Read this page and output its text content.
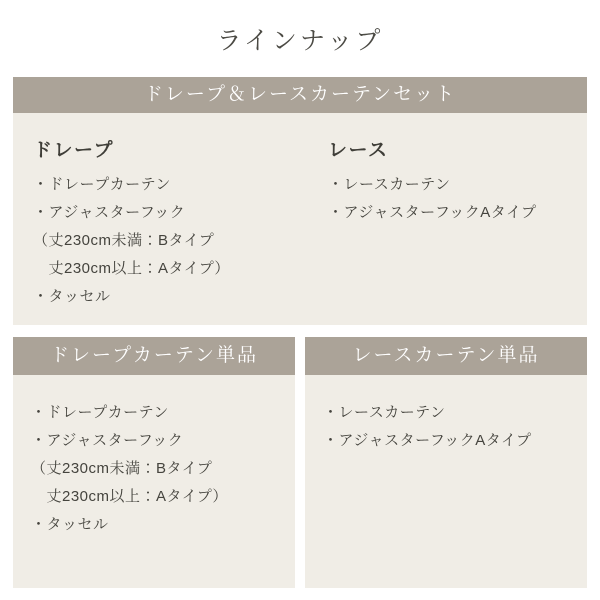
ラインナップ
ドレープ＆レースカーテンセット
ドレープ
・ドレープカーテン
・アジャスターフック
（丈230cm未満：Bタイプ
　丈230cm以上：Aタイプ）
・タッセル
レース
・レースカーテン
・アジャスターフックAタイプ
ドレープカーテン単品
・ドレープカーテン
・アジャスターフック
（丈230cm未満：Bタイプ
　丈230cm以上：Aタイプ）
・タッセル
レースカーテン単品
・レースカーテン
・アジャスターフックAタイプ
